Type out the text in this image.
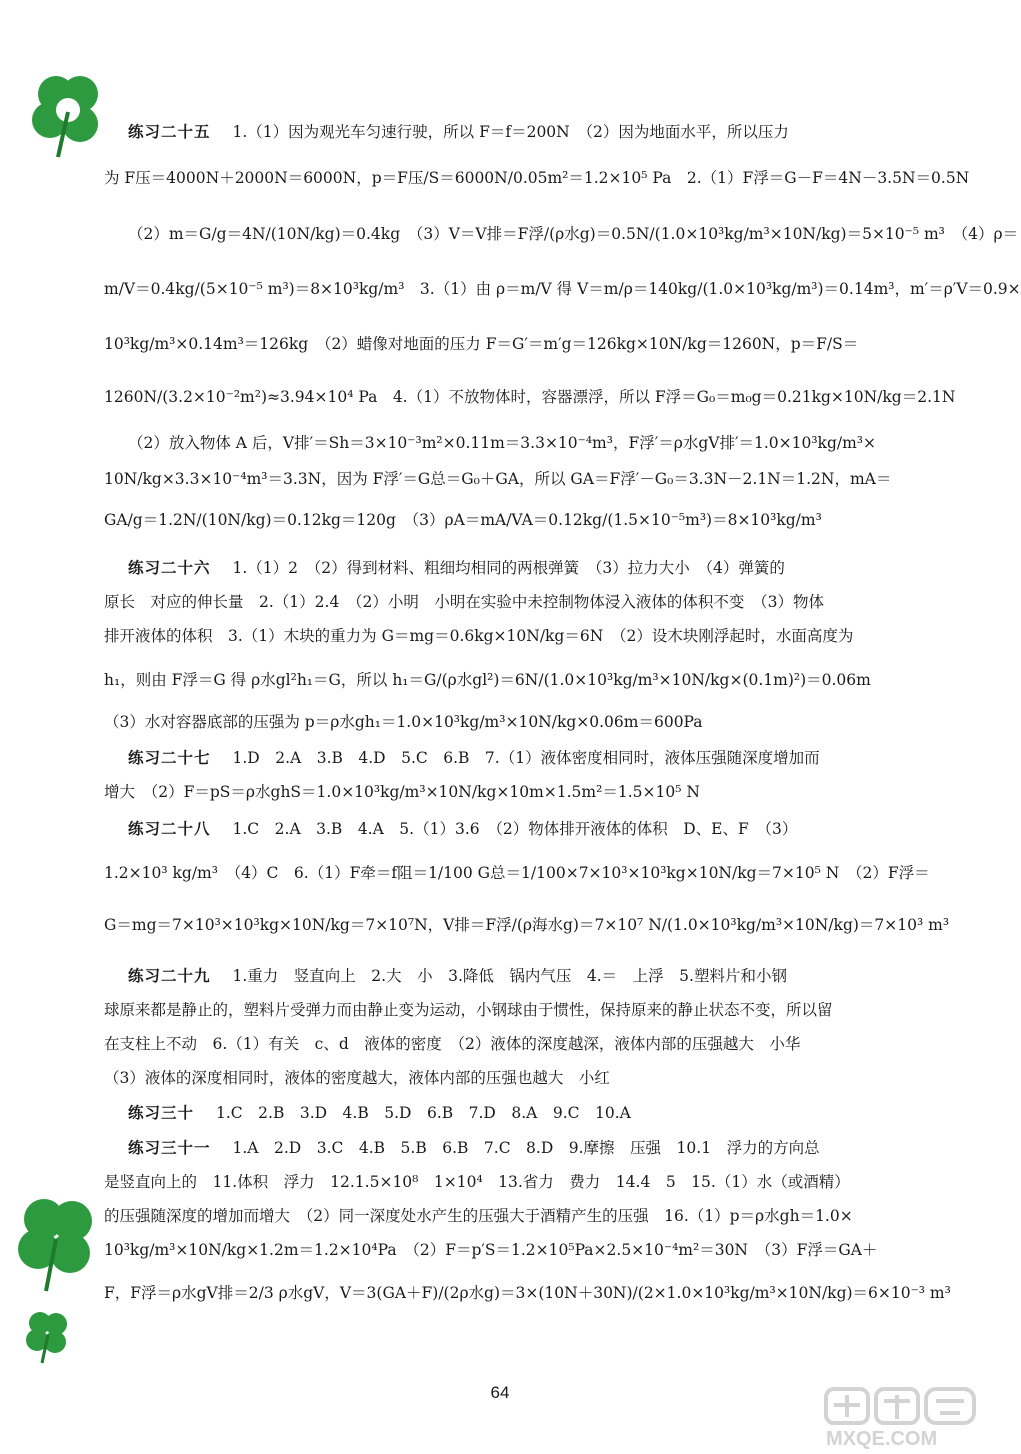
练习二十五 1.（1）因为观光车匀速行驶，所以 F＝f＝200N　（2）因为地面水平，所以压力
为 F压＝4000N＋2000N＝6000N，p＝F压/S＝6000N/0.05m²＝1.2×10⁵ Pa　2.（1）F浮＝G－F＝4N－3.5N＝0.5N
（2）m＝G/g＝4N/(10N/kg)＝0.4kg　（3）V＝V排＝F浮/(ρ水g)＝0.5N/(1.0×10³kg/m³×10N/kg)＝5×10⁻⁵ m³　（4）ρ＝
m/V＝0.4kg/(5×10⁻⁵ m³)＝8×10³kg/m³　3.（1）由 ρ＝m/V 得 V＝m/ρ＝140kg/(1.0×10³kg/m³)＝0.14m³，m′＝ρ′V＝0.9×
10³kg/m³×0.14m³＝126kg　（2）蜡像对地面的压力 F＝G′＝m′g＝126kg×10N/kg＝1260N，p＝F/S＝
1260N/(3.2×10⁻²m²)≈3.94×10⁴ Pa　4.（1）不放物体时，容器漂浮，所以 F浮＝G₀＝m₀g＝0.21kg×10N/kg＝2.1N
（2）放入物体 A 后，V排′＝Sh＝3×10⁻³m²×0.11m＝3.3×10⁻⁴m³，F浮′＝ρ水gV排′＝1.0×10³kg/m³×
10N/kg×3.3×10⁻⁴m³＝3.3N，因为 F浮′＝G总＝G₀＋GA，所以 GA＝F浮′－G₀＝3.3N－2.1N＝1.2N，mA＝
GA/g＝1.2N/(10N/kg)＝0.12kg＝120g　（3）ρA＝mA/VA＝0.12kg/(1.5×10⁻⁵m³)＝8×10³kg/m³
练习二十六 1.（1）2　（2）得到材料、粗细均相同的两根弹簧　（3）拉力大小　（4）弹簧的
原长　对应的伸长量　2.（1）2.4　（2）小明　小明在实验中未控制物体浸入液体的体积不变　（3）物体
排开液体的体积　3.（1）木块的重力为 G＝mg＝0.6kg×10N/kg＝6N　（2）设木块刚浮起时，水面高度为
h₁，则由 F浮＝G 得 ρ水gl²h₁＝G，所以 h₁＝G/(ρ水gl²)＝6N/(1.0×10³kg/m³×10N/kg×(0.1m)²)＝0.06m
（3）水对容器底部的压强为 p＝ρ水gh₁＝1.0×10³kg/m³×10N/kg×0.06m＝600Pa
练习二十七 1.D　2.A　3.B　4.D　5.C　6.B　7.（1）液体密度相同时，液体压强随深度增加而
增大　（2）F＝pS＝ρ水ghS＝1.0×10³kg/m³×10N/kg×10m×1.5m²＝1.5×10⁵ N
练习二十八 1.C　2.A　3.B　4.A　5.（1）3.6　（2）物体排开液体的体积　D、E、F　（3）
1.2×10³ kg/m³　（4）C　6.（1）F牵＝f阻＝1/100 G总＝1/100×7×10³×10³kg×10N/kg＝7×10⁵ N　（2）F浮＝
G＝mg＝7×10³×10³kg×10N/kg＝7×10⁷N，V排＝F浮/(ρ海水g)＝7×10⁷ N/(1.0×10³kg/m³×10N/kg)＝7×10³ m³
练习二十九 1.重力　竖直向上　2.大　小　3.降低　锅内气压　4.＝　上浮　5.塑料片和小钢
球原来都是静止的，塑料片受弹力而由静止变为运动，小钢球由于惯性，保持原来的静止状态不变，所以留
在支柱上不动　6.（1）有关　c、d　液体的密度　（2）液体的深度越深，液体内部的压强越大　小华
（3）液体的深度相同时，液体的密度越大，液体内部的压强也越大　小红
练习三十 1.C　2.B　3.D　4.B　5.D　6.B　7.D　8.A　9.C　10.A
练习三十一 1.A　2.D　3.C　4.B　5.B　6.B　7.C　8.D　9.摩擦　压强　10.1　浮力的方向总
是竖直向上的　11.体积　浮力　12.1.5×10⁸　1×10⁴　13.省力　费力　14.4　5　15.（1）水（或酒精）
的压强随深度的增加而增大　（2）同一深度处水产生的压强大于酒精产生的压强　16.（1）p＝ρ水gh＝1.0×
10³kg/m³×10N/kg×1.2m＝1.2×10⁴Pa　（2）F＝p′S＝1.2×10⁵Pa×2.5×10⁻⁴m²＝30N　（3）F浮＝GA＋
F，F浮＝ρ水gV排＝2/3 ρ水gV，V＝3(GA＋F)/(2ρ水g)＝3×(10N＋30N)/(2×1.0×10³kg/m³×10N/kg)＝6×10⁻³ m³
64
MXQE.COM
